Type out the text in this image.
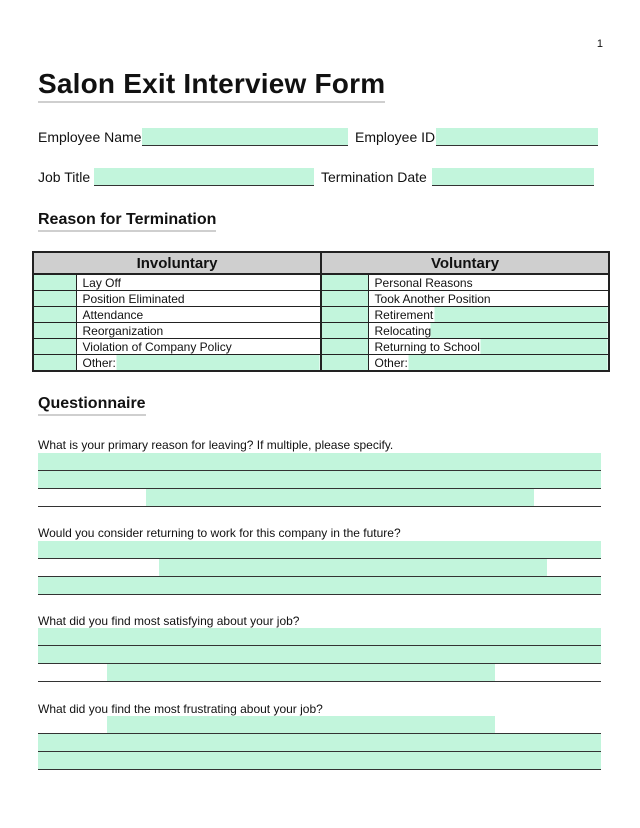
1
Salon Exit Interview Form
Employee Name	Employee ID
Job Title	Termination Date
Reason for Termination
Involuntary		Voluntary	
	Lay Off		Personal Reasons
	Position Eliminated		Took Another Position
	Attendance		Retirement
	Reorganization		Relocating
	Violation of Company Policy		Returning to School
	Other:		Other:
Questionnaire
What is your primary reason for leaving? If multiple, please specify.
Would you consider returning to work for this company in the future?
What did you find most satisfying about your job?
What did you find the most frustrating about your job?
